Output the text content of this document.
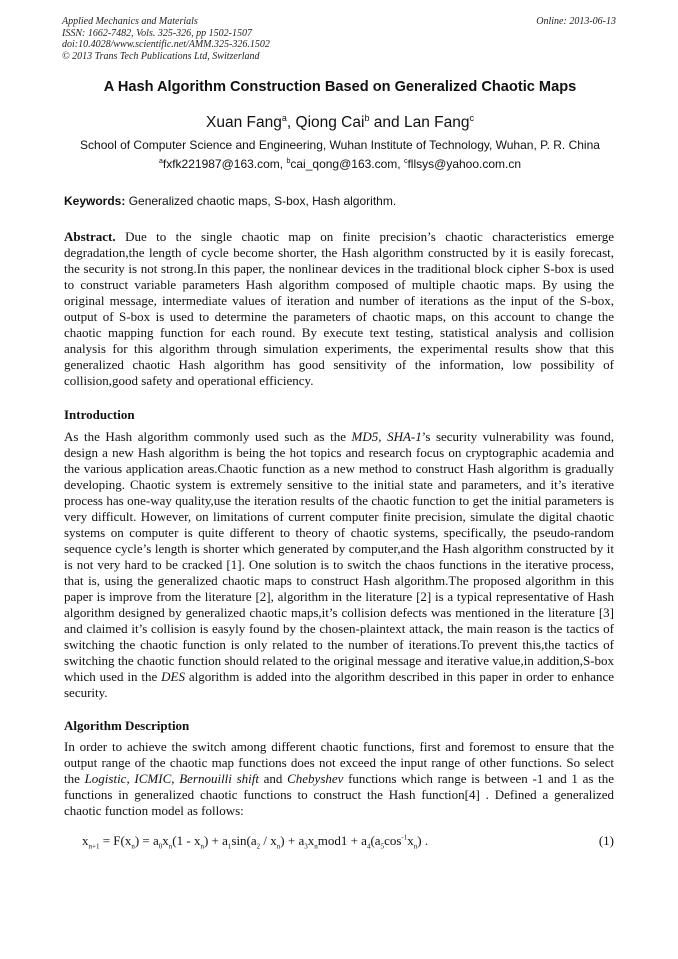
Applied Mechanics and Materials
ISSN: 1662-7482, Vols. 325-326, pp 1502-1507
doi:10.4028/www.scientific.net/AMM.325-326.1502
© 2013 Trans Tech Publications Ltd, Switzerland
Online: 2013-06-13
A Hash Algorithm Construction Based on Generalized Chaotic Maps
Xuan Fang$^a$, Qiong Cai$^b$ and Lan Fang$^c$
School of Computer Science and Engineering, Wuhan Institute of Technology, Wuhan, P. R. China
$^a$fxfk221987@163.com, $^b$cai_qong@163.com, $^c$fllsys@yahoo.com.cn
Keywords: Generalized chaotic maps, S-box, Hash algorithm.

Abstract. Due to the single chaotic map on finite precision’s chaotic characteristics emerge degradation,the length of cycle become shorter, the Hash algorithm constructed by it is easily forecast, the security is not strong.In this paper, the nonlinear devices in the traditional block cipher S-box is used to construct variable parameters Hash algorithm composed of multiple chaotic maps. By using the original message, intermediate values of iteration and number of iterations as the input of the S-box, output of S-box is used to determine the parameters of chaotic maps, on this account to change the chaotic mapping function for each round. By execute text testing, statistical analysis and collision analysis for this algorithm through simulation experiments, the experimental results show that this generalized chaotic Hash algorithm has good sensitivity of the information, low possibility of collision,good safety and operational efficiency.

Introduction

As the Hash algorithm commonly used such as the MD5, SHA-1’s security vulnerability was found, design a new Hash algorithm is being the hot topics and research focus on cryptographic academia and the various application areas.Chaotic function as a new method to construct Hash algorithm is gradually developing. Chaotic system is extremely sensitive to the initial state and parameters, and it’s iterative process has one-way quality,use the iteration results of the chaotic function to get the initial parameters is very difficult. However, on limitations of current computer finite precision, simulate the digital chaotic systems on computer is quite different to theory of chaotic systems, specifically, the pseudo-random sequence cycle’s length is shorter which generated by computer,and the Hash algorithm constructed by it is not very hard to be cracked [1]. One solution is to switch the chaos functions in the iterative process, that is, using the generalized chaotic maps to construct Hash algorithm.The proposed algorithm in this paper is improve from the literature [2], algorithm in the literature [2] is a typical representative of Hash algorithm designed by generalized chaotic maps,it’s collision defects was mentioned in the literature [3] and claimed it’s collision is easyly found by the chosen-plaintext attack, the main reason is the tactics of switching the chaotic function is only related to the number of iterations.To prevent this,the tactics of switching the chaotic function should related to the original message and iterative value,in addition,S-box which used in the DES algorithm is added into the algorithm described in this paper in order to enhance security.

Algorithm Description

In order to achieve the switch among different chaotic functions, first and foremost to ensure that the output range of the chaotic map functions does not exceed the input range of other functions. So select the Logistic, ICMIC, Bernouilli shift and Chebyshev functions which range is between -1 and 1 as the functions in generalized chaotic functions to construct the Hash function[4] . Defined a generalized chaotic function model as follows:

$x_{n+1} = F(x_n) = a_0x_n(1 - x_n) + a_1\sin(a_2 / x_n) + a_3x_nmod1 + a_4(a_5\cos^{-1}x_n)$ .	(1)
